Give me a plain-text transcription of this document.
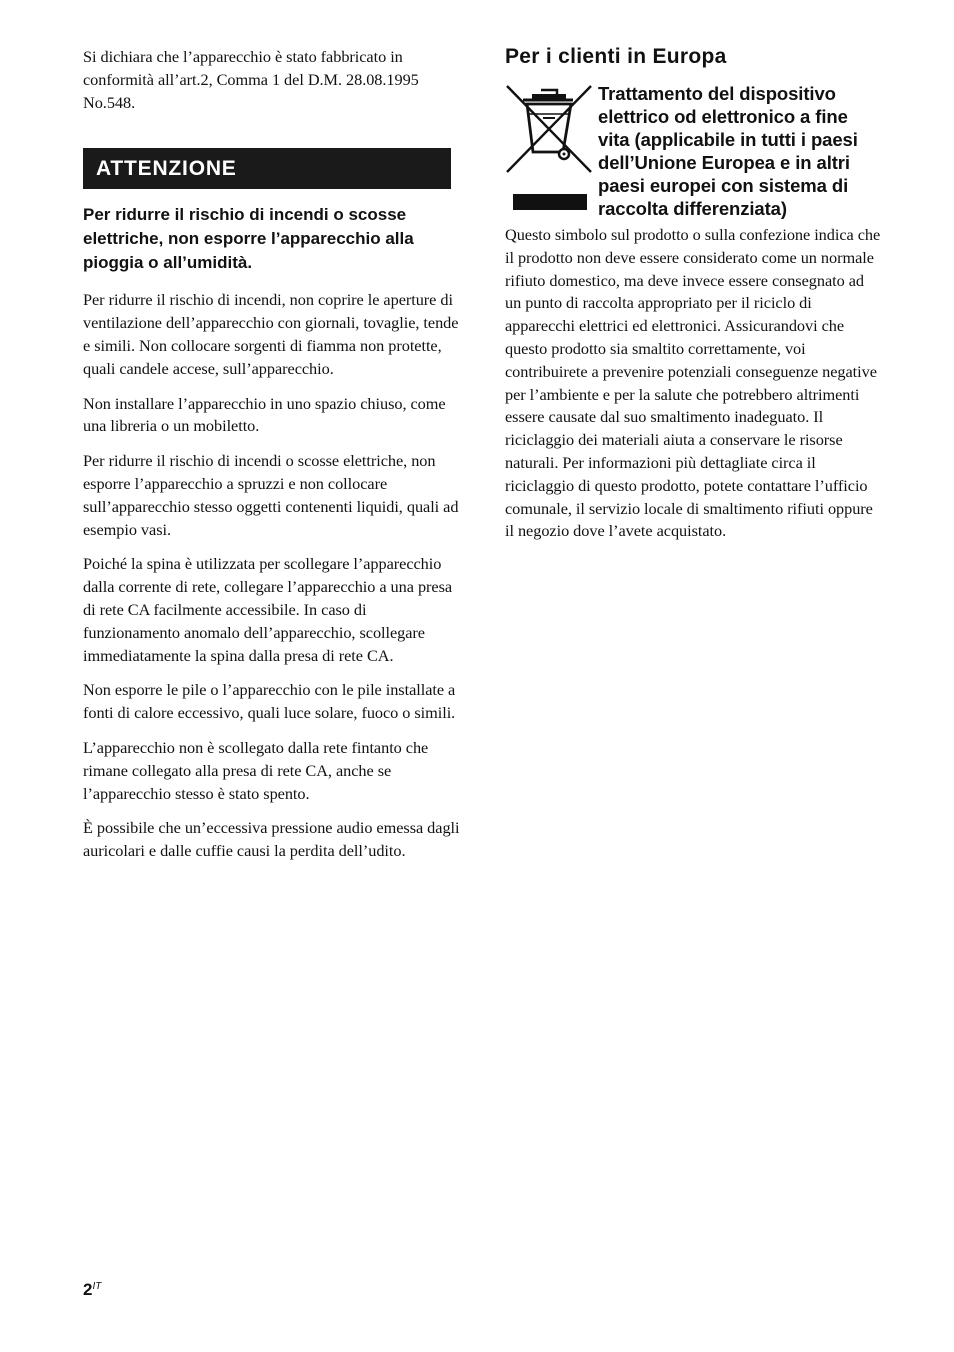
Si dichiara che l’apparecchio è stato fabbricato in conformità all’art.2, Comma 1 del D.M. 28.08.1995 No.548.

ATTENZIONE

Per ridurre il rischio di incendi o scosse elettriche, non esporre l’apparecchio alla pioggia o all’umidità.

Per ridurre il rischio di incendi, non coprire le aperture di ventilazione dell’apparecchio con giornali, tovaglie, tende e simili. Non collocare sorgenti di fiamma non protette, quali candele accese, sull’apparecchio.

Non installare l’apparecchio in uno spazio chiuso, come una libreria o un mobiletto.

Per ridurre il rischio di incendi o scosse elettriche, non esporre l’apparecchio a spruzzi e non collocare sull’apparecchio stesso oggetti contenenti liquidi, quali ad esempio vasi.

Poiché la spina è utilizzata per scollegare l’apparecchio dalla corrente di rete, collegare l’apparecchio a una presa di rete CA facilmente accessibile. In caso di funzionamento anomalo dell’apparecchio, scollegare immediatamente la spina dalla presa di rete CA.

Non esporre le pile o l’apparecchio con le pile installate a fonti di calore eccessivo, quali luce solare, fuoco o simili.

L’apparecchio non è scollegato dalla rete fintanto che rimane collegato alla presa di rete CA, anche se l’apparecchio stesso è stato spento.

È possibile che un’eccessiva pressione audio emessa dagli auricolari e dalle cuffie causi la perdita dell’udito.

Per i clienti in Europa

Trattamento del dispositivo elettrico od elettronico a fine vita (applicabile in tutti i paesi dell’Unione Europea e in altri paesi europei con sistema di raccolta differenziata)

Questo simbolo sul prodotto o sulla confezione indica che il prodotto non deve essere considerato come un normale rifiuto domestico, ma deve invece essere consegnato ad un punto di raccolta appropriato per il riciclo di apparecchi elettrici ed elettronici. Assicurandovi che questo prodotto sia smaltito correttamente, voi contribuirete a prevenire potenziali conseguenze negative per l’ambiente e per la salute che potrebbero altrimenti essere causate dal suo smaltimento inadeguato. Il riciclaggio dei materiali aiuta a conservare le risorse naturali. Per informazioni più dettagliate circa il riciclaggio di questo prodotto, potete contattare l’ufficio comunale, il servizio locale di smaltimento rifiuti oppure il negozio dove l’avete acquistato.

$2^{IT}$
